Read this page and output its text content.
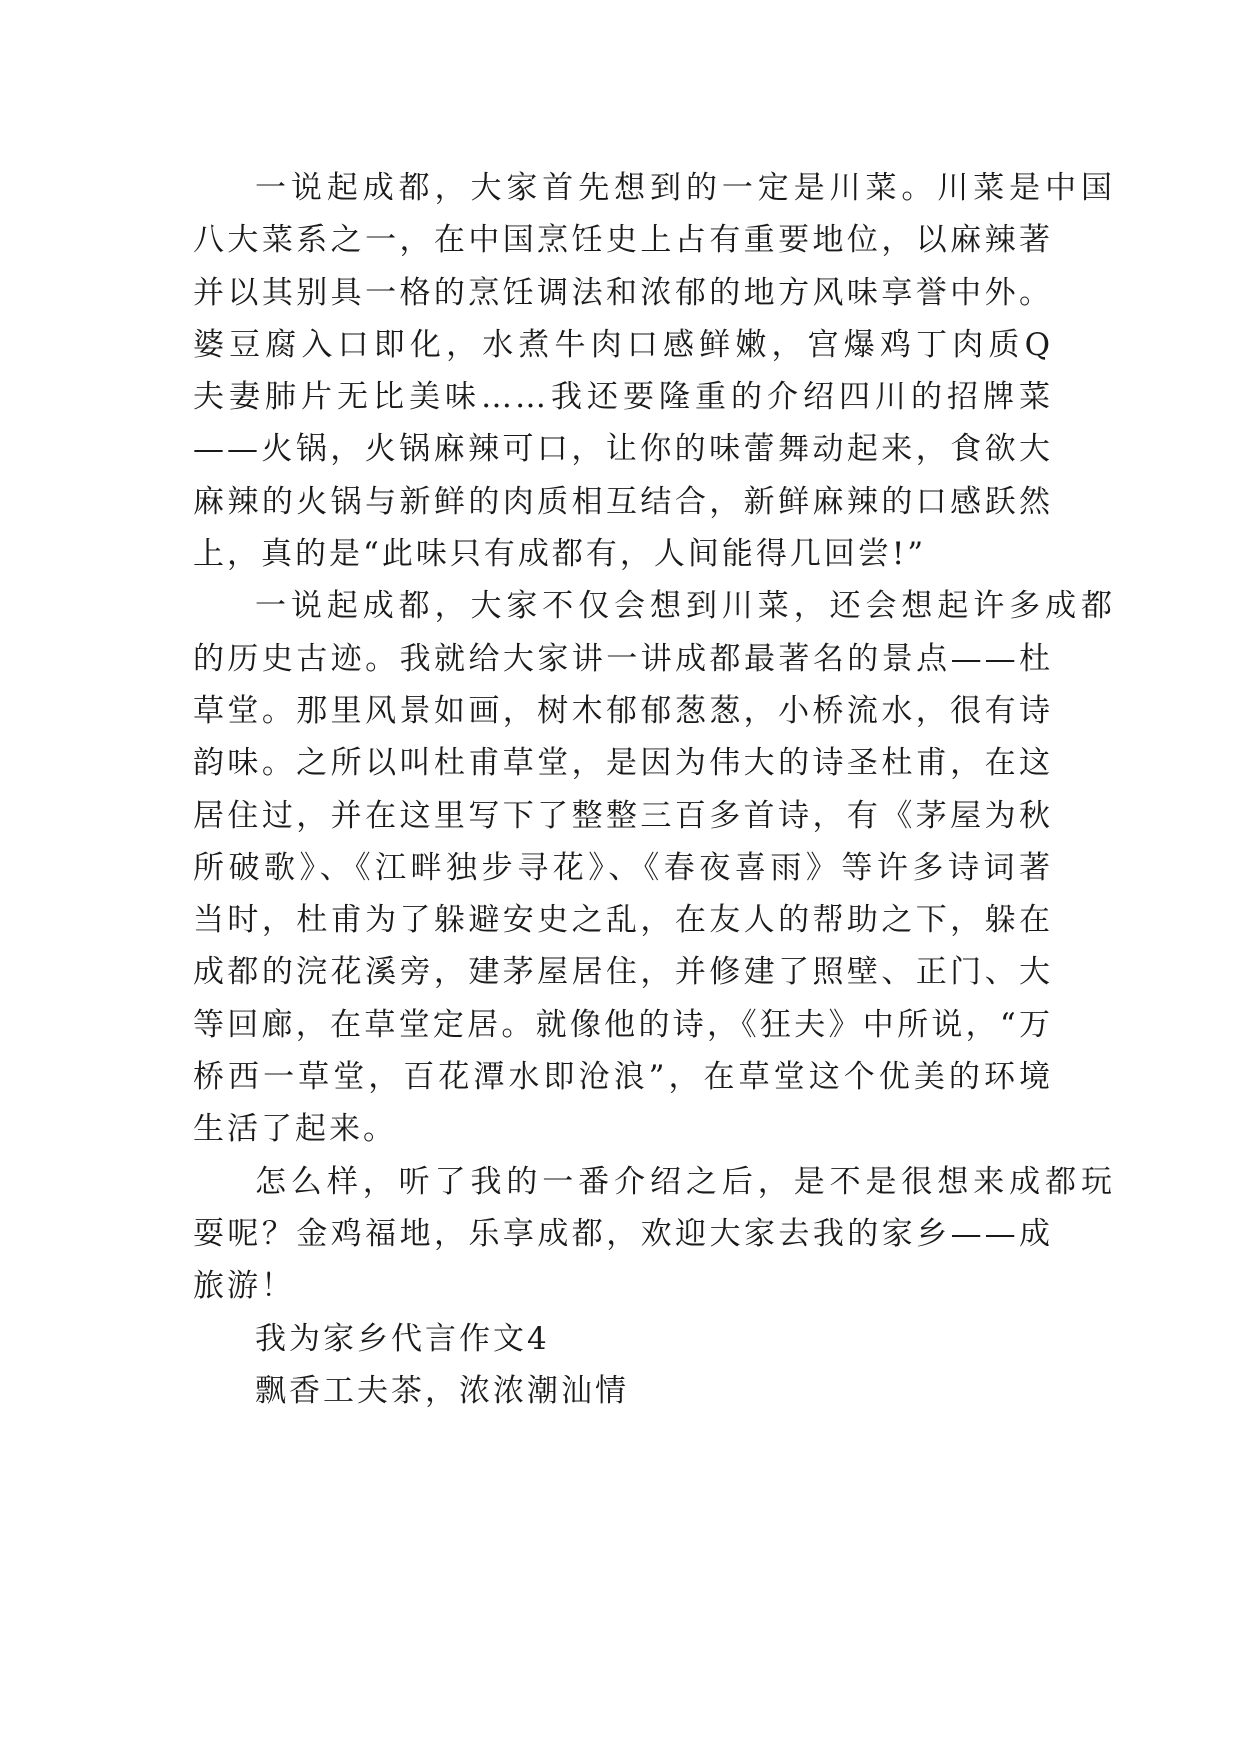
一说起成都，大家首先想到的一定是川菜。川菜是中国
八大菜系之一，在中国烹饪史上占有重要地位，以麻辣著
并以其别具一格的烹饪调法和浓郁的地方风味享誉中外。
婆豆腐入口即化，水煮牛肉口感鲜嫩，宫爆鸡丁肉质Q
夫妻肺片无比美味……我还要隆重的介绍四川的招牌菜
——火锅，火锅麻辣可口，让你的味蕾舞动起来，食欲大
麻辣的火锅与新鲜的肉质相互结合，新鲜麻辣的口感跃然
上，真的是“此味只有成都有，人间能得几回尝!”
一说起成都，大家不仅会想到川菜，还会想起许多成都
的历史古迹。我就给大家讲一讲成都最著名的景点——杜
草堂。那里风景如画，树木郁郁葱葱，小桥流水，很有诗
韵味。之所以叫杜甫草堂，是因为伟大的诗圣杜甫，在这
居住过，并在这里写下了整整三百多首诗，有《茅屋为秋
所破歌》、《江畔独步寻花》、《春夜喜雨》等许多诗词著
当时，杜甫为了躲避安史之乱，在友人的帮助之下，躲在
成都的浣花溪旁，建茅屋居住，并修建了照壁、正门、大
等回廊，在草堂定居。就像他的诗，《狂夫》中所说，“万
桥西一草堂，百花潭水即沧浪”，在草堂这个优美的环境
生活了起来。
怎么样，听了我的一番介绍之后，是不是很想来成都玩
耍呢？金鸡福地，乐享成都，欢迎大家去我的家乡——成
旅游！
我为家乡代言作文4
飘香工夫茶，浓浓潮汕情
